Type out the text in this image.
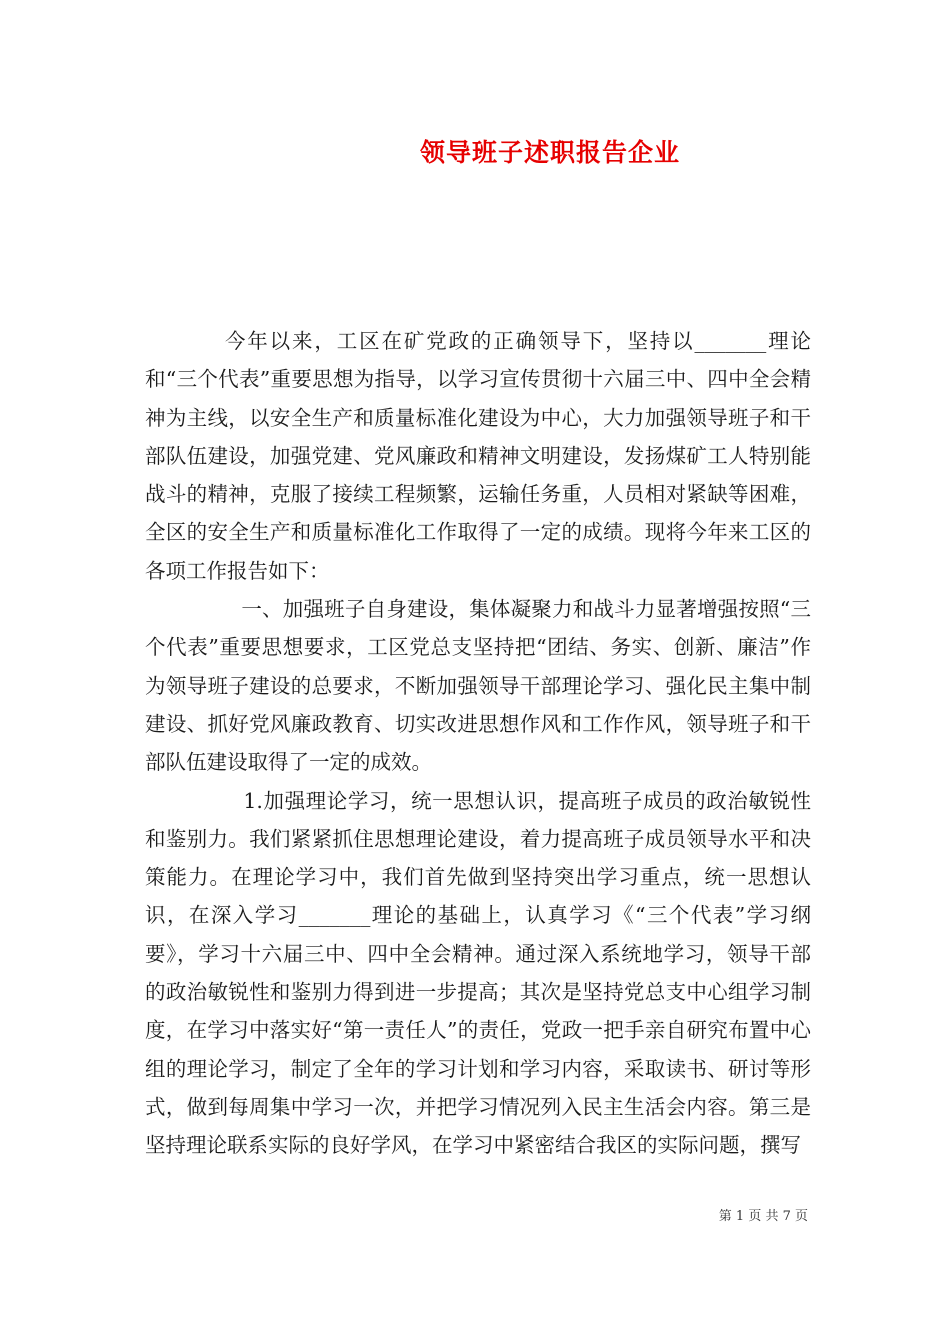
领导班子述职报告企业

今年以来，工区在矿党政的正确领导下，坚持以_______理论和“三个代表”重要思想为指导，以学习宣传贯彻十六届三中、四中全会精神为主线，以安全生产和质量标准化建设为中心，大力加强领导班子和干部队伍建设，加强党建、党风廉政和精神文明建设，发扬煤矿工人特别能战斗的精神，克服了接续工程频繁，运输任务重，人员相对紧缺等困难，全区的安全生产和质量标准化工作取得了一定的成绩。现将今年来工区的各项工作报告如下：

一、加强班子自身建设，集体凝聚力和战斗力显著增强按照“三个代表”重要思想要求，工区党总支坚持把“团结、务实、创新、廉洁”作为领导班子建设的总要求，不断加强领导干部理论学习、强化民主集中制建设、抓好党风廉政教育、切实改进思想作风和工作作风，领导班子和干部队伍建设取得了一定的成效。

1.加强理论学习，统一思想认识，提高班子成员的政治敏锐性和鉴别力。我们紧紧抓住思想理论建设，着力提高班子成员领导水平和决策能力。在理论学习中，我们首先做到坚持突出学习重点，统一思想认识，在深入学习_______理论的基础上，认真学习《“三个代表”学习纲要》，学习十六届三中、四中全会精神。通过深入系统地学习，领导干部的政治敏锐性和鉴别力得到进一步提高；其次是坚持党总支中心组学习制度，在学习中落实好“第一责任人”的责任，党政一把手亲自研究布置中心组的理论学习，制定了全年的学习计划和学习内容，采取读书、研讨等形式，做到每周集中学习一次，并把学习情况列入民主生活会内容。第三是坚持理论联系实际的良好学风，在学习中紧密结合我区的实际问题，撰写

第 1 页 共 7 页
